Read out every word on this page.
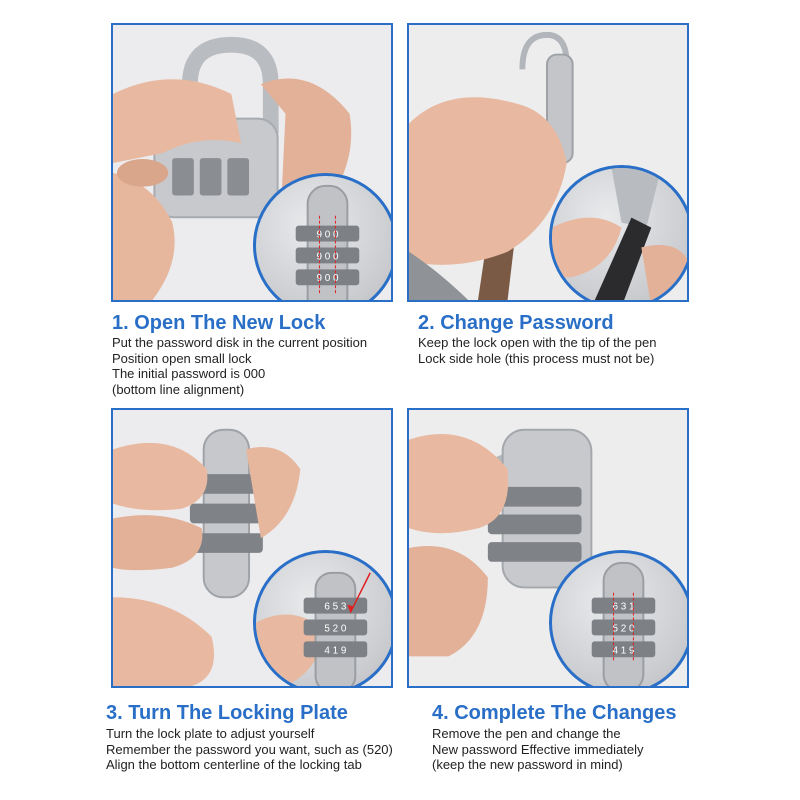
9 0 0
9 0 0
9 0 0
6 5 3
5 2 0
4 1 9
6 3 1
5 2 0
4 1 9
1. Open The New Lock

Put the password disk in the current position
Position open small lock
The initial password is 000
(bottom line alignment)

2. Change Password

Keep the lock open with the tip of the pen
Lock side hole (this process must not be)

3. Turn The Locking Plate

Turn the lock plate to adjust yourself
Remember the password you want, such as (520)
Align the bottom centerline of the locking tab

4. Complete The Changes

Remove the pen and change the
New password Effective immediately
(keep the new password in mind)
